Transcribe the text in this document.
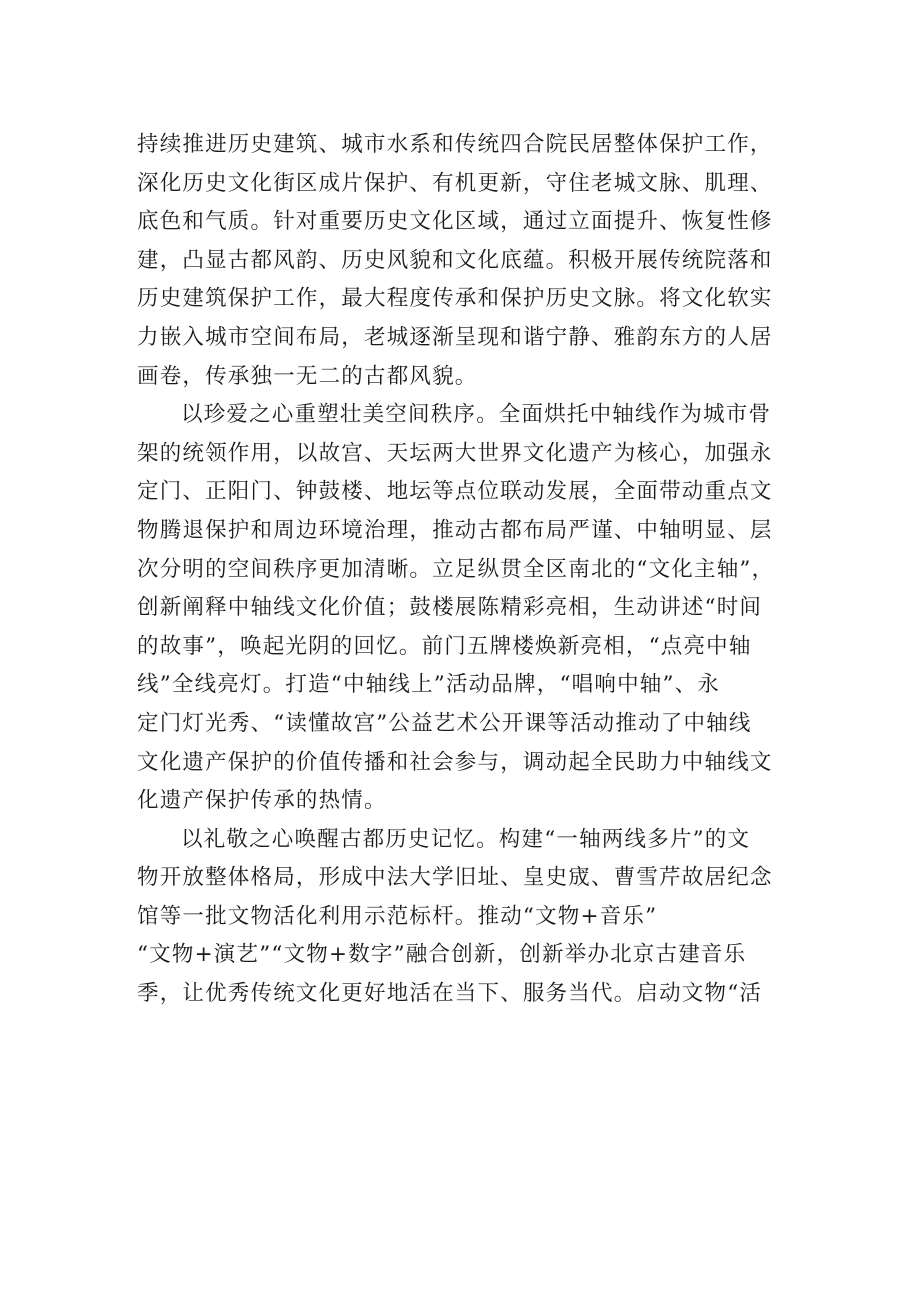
持续推进历史建筑、城市水系和传统四合院民居整体保护工作，
深化历史文化街区成片保护、有机更新，守住老城文脉、肌理、
底色和气质。针对重要历史文化区域，通过立面提升、恢复性修
建，凸显古都风韵、历史风貌和文化底蕴。积极开展传统院落和
历史建筑保护工作，最大程度传承和保护历史文脉。将文化软实
力嵌入城市空间布局，老城逐渐呈现和谐宁静、雅韵东方的人居
画卷，传承独一无二的古都风貌。
以珍爱之心重塑壮美空间秩序。全面烘托中轴线作为城市骨
架的统领作用，以故宫、天坛两大世界文化遗产为核心，加强永
定门、正阳门、钟鼓楼、地坛等点位联动发展，全面带动重点文
物腾退保护和周边环境治理，推动古都布局严谨、中轴明显、层
次分明的空间秩序更加清晰。立足纵贯全区南北的“文化主轴”，
创新阐释中轴线文化价值；鼓楼展陈精彩亮相，生动讲述“时间
的故事”，唤起光阴的回忆。前门五牌楼焕新亮相，“点亮中轴
线”全线亮灯。打造“中轴线上”活动品牌，“唱响中轴”、永
定门灯光秀、“读懂故宫”公益艺术公开课等活动推动了中轴线
文化遗产保护的价值传播和社会参与，调动起全民助力中轴线文
化遗产保护传承的热情。
以礼敬之心唤醒古都历史记忆。构建“一轴两线多片”的文
物开放整体格局，形成中法大学旧址、皇史宬、曹雪芹故居纪念
馆等一批文物活化利用示范标杆。推动“文物+音乐”
“文物+演艺”“文物+数字”融合创新，创新举办北京古建音乐
季，让优秀传统文化更好地活在当下、服务当代。启动文物“活
